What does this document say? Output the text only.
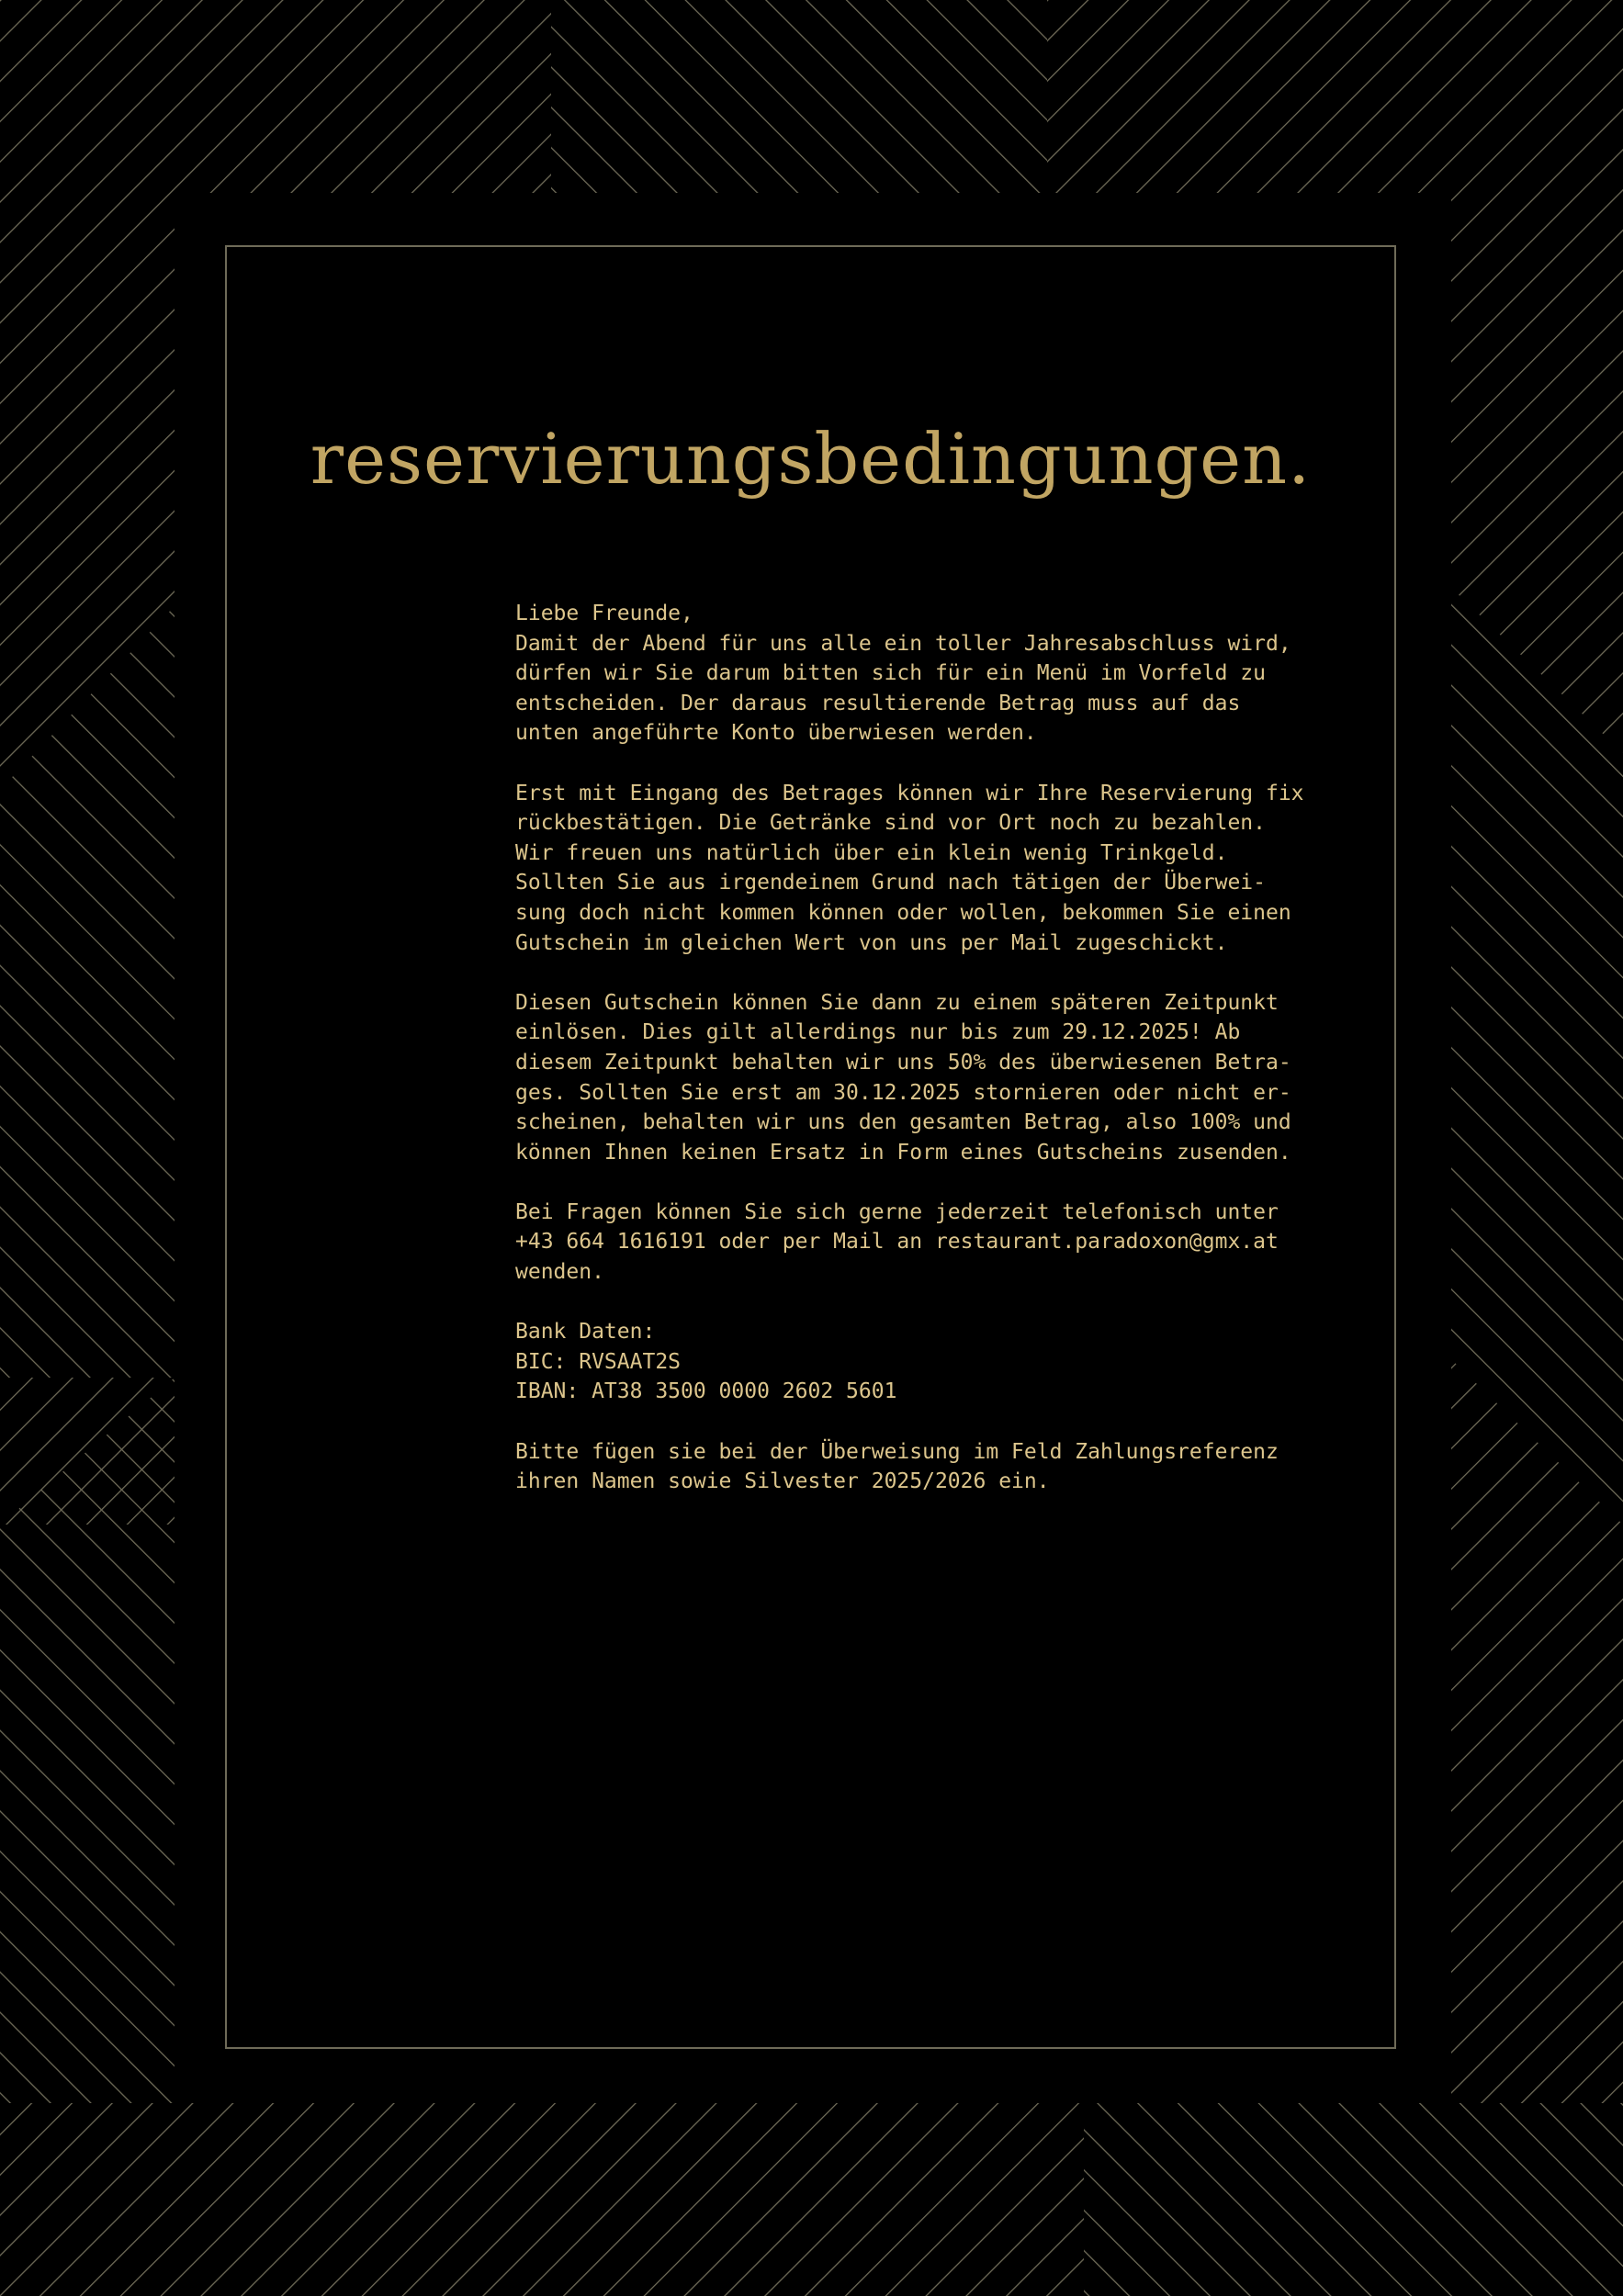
reservierungsbedingungen.

Liebe Freunde,
Damit der Abend für uns alle ein toller Jahresabschluss wird,
dürfen wir Sie darum bitten sich für ein Menü im Vorfeld zu
entscheiden. Der daraus resultierende Betrag muss auf das
unten angeführte Konto überwiesen werden.

Erst mit Eingang des Betrages können wir Ihre Reservierung fix
rückbestätigen. Die Getränke sind vor Ort noch zu bezahlen.
Wir freuen uns natürlich über ein klein wenig Trinkgeld.
Sollten Sie aus irgendeinem Grund nach tätigen der Überwei-
sung doch nicht kommen können oder wollen, bekommen Sie einen
Gutschein im gleichen Wert von uns per Mail zugeschickt.

Diesen Gutschein können Sie dann zu einem späteren Zeitpunkt
einlösen. Dies gilt allerdings nur bis zum 29.12.2025! Ab
diesem Zeitpunkt behalten wir uns 50% des überwiesenen Betra-
ges. Sollten Sie erst am 30.12.2025 stornieren oder nicht er-
scheinen, behalten wir uns den gesamten Betrag, also 100% und
können Ihnen keinen Ersatz in Form eines Gutscheins zusenden.

Bei Fragen können Sie sich gerne jederzeit telefonisch unter
+43 664 1616191 oder per Mail an restaurant.paradoxon@gmx.at
wenden.

Bank Daten:
BIC: RVSAAT2S
IBAN: AT38 3500 0000 2602 5601

Bitte fügen sie bei der Überweisung im Feld Zahlungsreferenz
ihren Namen sowie Silvester 2025/2026 ein.
